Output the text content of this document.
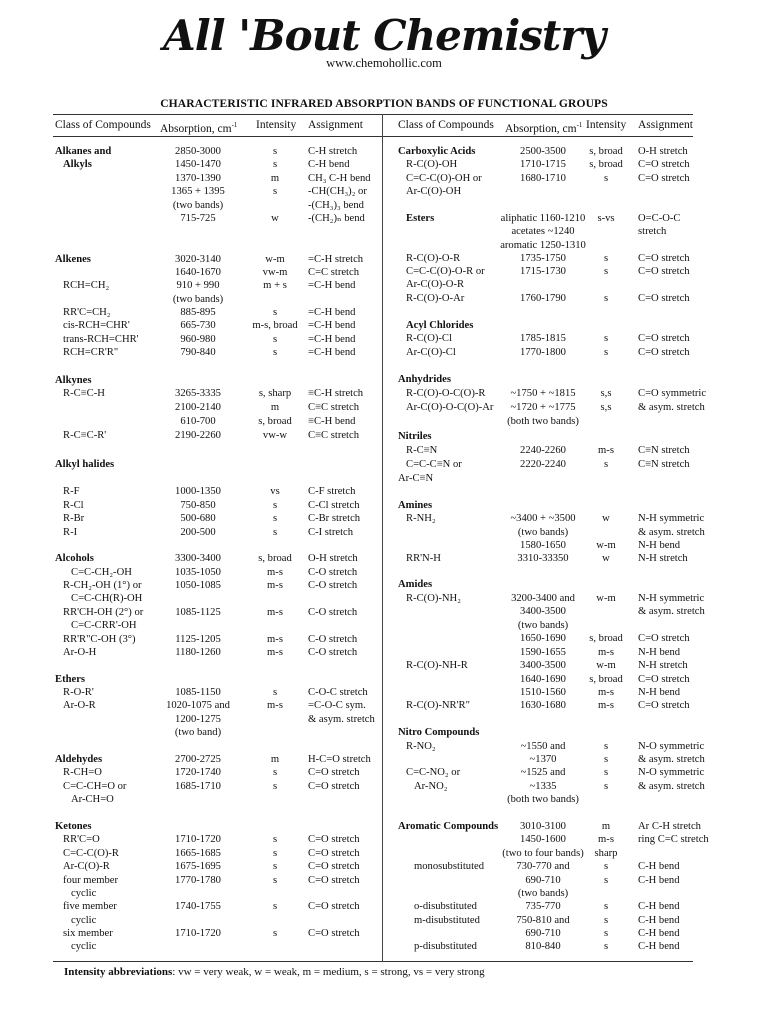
All 'Bout Chemistry
www.chemohollic.com
CHARACTERISTIC INFRARED ABSORPTION BANDS OF FUNCTIONAL GROUPS
Class of Compounds Absorption, $cm^{-1}$ Intensity Assignment	Class of Compounds Absorption, $cm^{-1}$ Intensity Assignment
Alkanes and	2850-3000	s	C-H stretch
Alkyls	1450-1470	s	C-H bend
1370-1390	m	CH₃ C-H bend
1365 + 1395	s	-CH(CH₃)₂ or
(two bands)	-(CH₃)₃ bend
715-725	w	-(CH₂)ₙ bend
Alkenes	3020-3140	w-m =C-H stretch
1640-1670	vw-m C=C stretch
RCH=CH₂	910 + 990	m + s =C-H bend
(two bands)
RR'C=CH₂	885-895	s	=C-H bend
cis-RCH=CHR'	665-730	m-s, broad =C-H bend
trans-RCH=CHR'	960-980	s	=C-H bend
RCH=CR'R"	790-840	s	=C-H bend
Alkynes
R-C≡C-H	3265-3335	s, sharp ≡C-H stretch
2100-2140	m	C≡C stretch
610-700	s, broad ≡C-H bend
R-C≡C-R'	2190-2260	vw-w C≡C stretch
Alkyl halides
R-F	1000-1350	vs	C-F stretch
R-Cl	750-850	s	C-Cl stretch
R-Br	500-680	s	C-Br stretch
R-I	200-500	s	C-I stretch
Alcohols	3300-3400	s, broad O-H stretch
C=C-CH₂-OH	1035-1050	m-s C-O stretch
R-CH₂-OH (1°) or	1050-1085	m-s C-O stretch
C=C-CH(R)-OH
RR'CH-OH (2°) or	1085-1125	m-s C-O stretch
C=C-CRR'-OH
RR'R"C-OH (3°)	1125-1205	m-s C-O stretch
Ar-O-H	1180-1260	m-s C-O stretch
Ethers
R-O-R'	1085-1150	s	C-O-C stretch
Ar-O-R	1020-1075 and	m-s =C-O-C sym.
1200-1275	& asym. stretch
(two band)
Aldehydes	2700-2725	m	H-C=O stretch
R-CH=O	1720-1740	s	C=O stretch
C=C-CH=O or	1685-1710	s	C=O stretch
Ar-CH=O
Ketones
RR'C=O	1710-1720	s	C=O stretch
C=C-C(O)-R	1665-1685	s	C=O stretch
Ar-C(O)-R	1675-1695	s	C=O stretch
four member	1770-1780	s	C=O stretch
cyclic
five member	1740-1755	s	C=O stretch
cyclic
six member	1710-1720	s	C=O stretch
cyclic
Carboxylic Acids	2500-3500 s, broad O-H stretch
R-C(O)-OH	1710-1715 s, broad C=O stretch
C=C-C(O)-OH or	1680-1710	s	C=O stretch
Ar-C(O)-OH
Esters	aliphatic 1160-1210 s-vs O=C-O-C
acetates ~1240	stretch
aromatic 1250-1310
R-C(O)-O-R	1735-1750	s	C=O stretch
C=C-C(O)-O-R or	1715-1730	s	C=O stretch
Ar-C(O)-O-R
R-C(O)-O-Ar	1760-1790	s	C=O stretch
Acyl Chlorides
R-C(O)-Cl	1785-1815	s	C=O stretch
Ar-C(O)-Cl	1770-1800	s	C=O stretch
Anhydrides
R-C(O)-O-C(O)-R ~1750 + ~1815 s,s	C=O symmetric
Ar-C(O)-O-C(O)-Ar ~1720 + ~1775 s,s	& asym. stretch
(both two bands)
Nitriles
R-C≡N	2240-2260	m-s C≡N stretch
C=C-C≡N or	2220-2240	s	C≡N stretch
Ar-C≡N
Amines
R-NH₂	~3400 + ~3500	w	N-H symmetric
(two bands)	& asym. stretch
1580-1650	w-m N-H bend
RR'N-H	3310-33350	w	N-H stretch
Amides
R-C(O)-NH₂	3200-3400 and w-m N-H symmetric
3400-3500	& asym. stretch
(two bands)
1650-1690 s, broad C=O stretch
1590-1655	m-s N-H bend
R-C(O)-NH-R	3400-3500	w-m N-H stretch
1640-1690 s, broad C=O stretch
1510-1560	m-s N-H bend
R-C(O)-NR'R"	1630-1680	m-s C=O stretch
Nitro Compounds
R-NO₂	~1550 and	s	N-O symmetric
~1370	s	& asym. stretch
C=C-NO₂ or	~1525 and	s	N-O symmetric
Ar-NO₂	~1335	s	& asym. stretch
(both two bands)
Aromatic Compounds 3010-3100	m	Ar C-H stretch
1450-1600	m-s ring C=C stretch
(two to four bands) sharp
monosubstituted	730-770 and	s	C-H bend
690-710	s	C-H bend
(two bands)
o-disubstituted	735-770	s	C-H bend
m-disubstituted	750-810 and	s	C-H bend
690-710	s	C-H bend
p-disubstituted	810-840	s	C-H bend
Intensity abbreviations: vw = very weak, w = weak, m = medium, s = strong, vs = very strong
